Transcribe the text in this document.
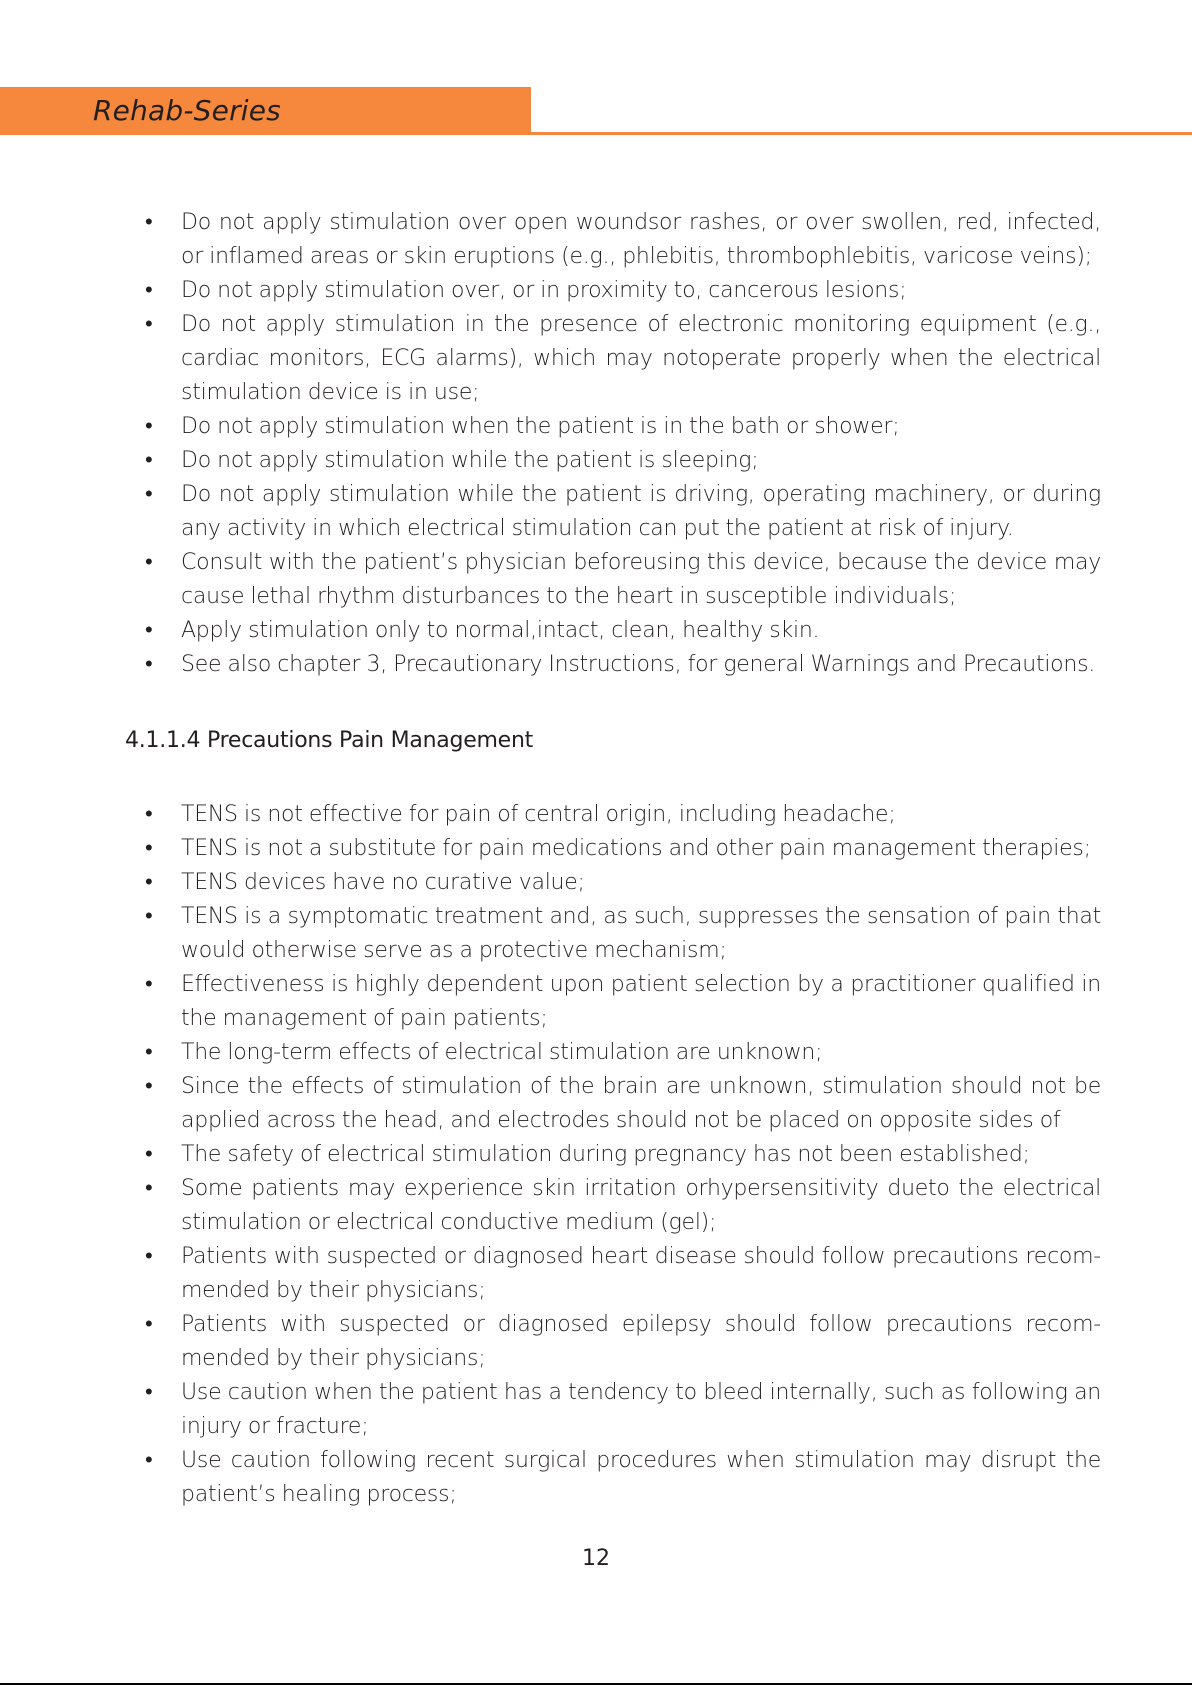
Rehab-Series
• Do not apply stimulation over open woundsor rashes, or over swollen, red, infected, or inflamed areas or skin eruptions (e.g., phlebitis, thrombophlebitis, varicose veins);
• Do not apply stimulation over, or in proximity to, cancerous lesions;
• Do not apply stimulation in the presence of electronic monitoring equipment (e.g., cardiac monitors, ECG alarms), which may notoperate properly when the electrical stimulation device is in use;
• Do not apply stimulation when the patient is in the bath or shower;
• Do not apply stimulation while the patient is sleeping;
• Do not apply stimulation while the patient is driving, operating machinery, or during any activity in which electrical stimulation can put the patient at risk of injury.
• Consult with the patient’s physician beforeusing this device, because the device may cause lethal rhythm disturbances to the heart in susceptible individuals;
• Apply stimulation only to normal,intact, clean, healthy skin.
• See also chapter 3, Precautionary Instructions, for general Warnings and Precautions.
4.1.1.4 Precautions Pain Management
• TENS is not effective for pain of central origin, including headache;
• TENS is not a substitute for pain medications and other pain management therapies;
• TENS devices have no curative value;
• TENS is a symptomatic treatment and, as such, suppresses the sensation of pain that would otherwise serve as a protective mechanism;
• Effectiveness is highly dependent upon patient selection by a practitioner qualified in the management of pain patients;
• The long-term effects of electrical stimulation are unknown;
• Since the effects of stimulation of the brain are unknown, stimulation should not be applied across the head, and electrodes should not be placed on opposite sides of
• The safety of electrical stimulation during pregnancy has not been established;
• Some patients may experience skin irritation orhypersensitivity dueto the electrical stimulation or electrical conductive medium (gel);
• Patients with suspected or diagnosed heart disease should follow precautions recom- mended by their physicians;
• Patients with suspected or diagnosed epilepsy should follow precautions recom- mended by their physicians;
• Use caution when the patient has a tendency to bleed internally, such as following an injury or fracture;
• Use caution following recent surgical procedures when stimulation may disrupt the patient’s healing process;
12
